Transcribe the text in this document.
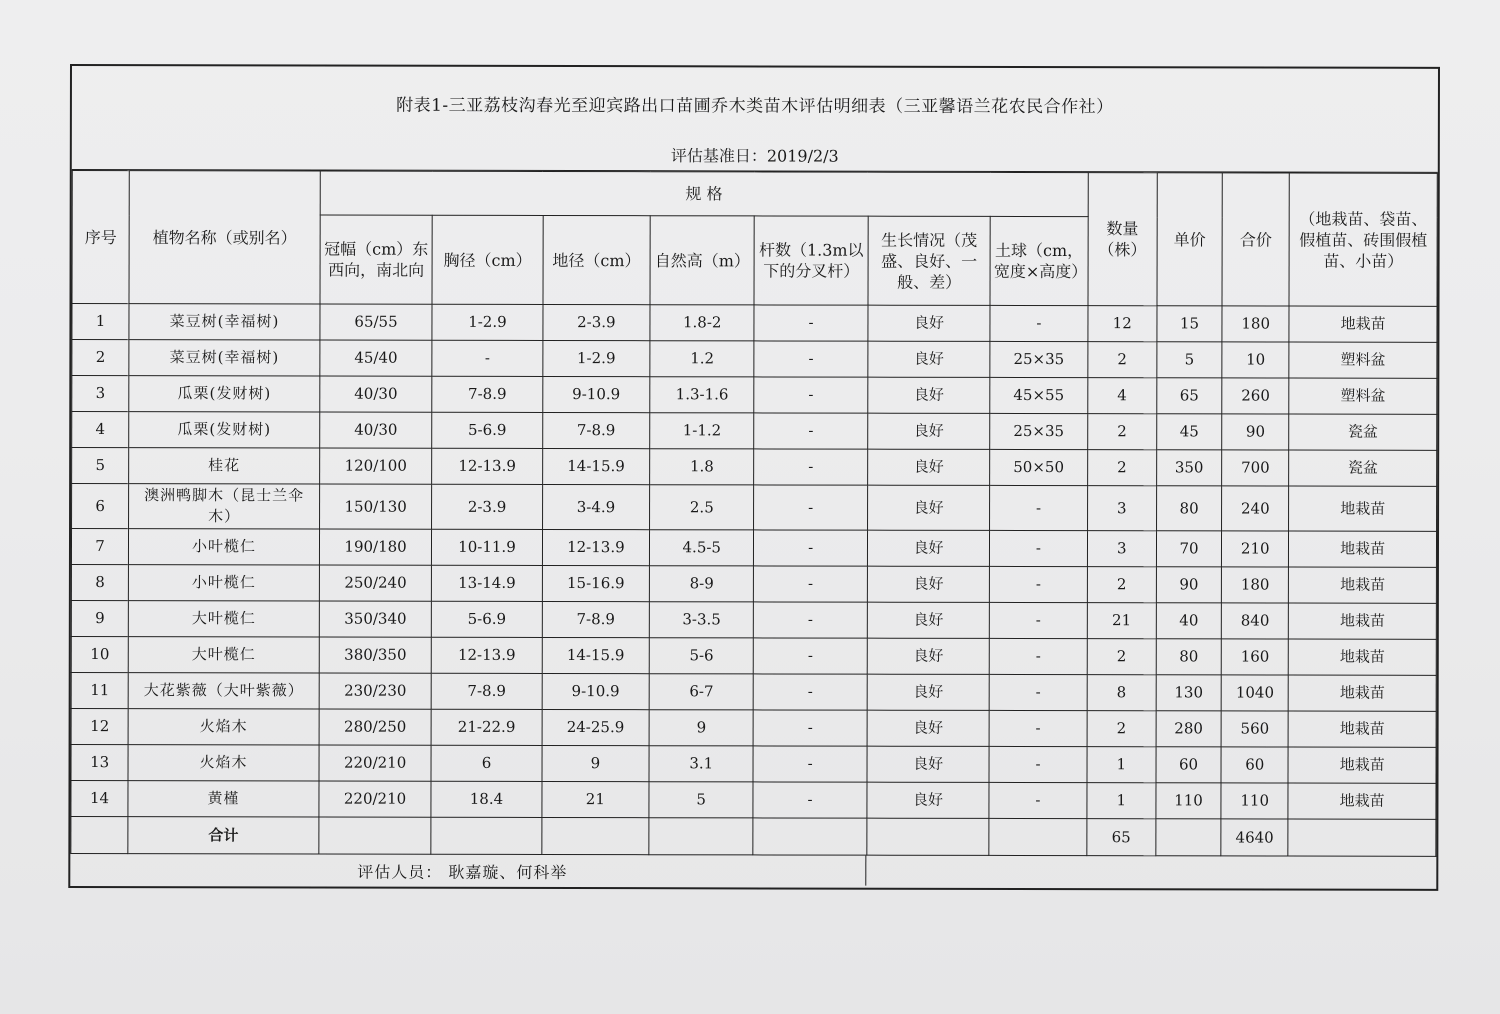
附表1-三亚荔枝沟春光至迎宾路出口苗圃乔木类苗木评估明细表（三亚馨语兰花农民合作社）
评估基准日：2019/2/3
序号	植物名称（或别名）	规 格							数量（株）	单价	合价	（地栽苗、袋苗、假植苗、砖围假植苗、小苗）
		冠幅（cm）东 西向，南北向	胸径（cm）	地径（cm）	自然高（m）	杆数（1.3m以下的分叉杆）	生长情况（茂盛、良好、一般、差）	土球（cm，宽度×高度）				
1	菜豆树(幸福树)	65/55	1-2.9	2-3.9	1.8-2	-	良好	-	12	15	180	地栽苗
2	菜豆树(幸福树)	45/40	-	1-2.9	1.2	-	良好	25×35	2	5	10	塑料盆
3	瓜栗(发财树)	40/30	7-8.9	9-10.9	1.3-1.6	-	良好	45×55	4	65	260	塑料盆
4	瓜栗(发财树)	40/30	5-6.9	7-8.9	1-1.2	-	良好	25×35	2	45	90	瓷盆
5	桂花	120/100	12-13.9	14-15.9	1.8	-	良好	50×50	2	350	700	瓷盆
6	澳洲鸭脚木（昆士兰伞木）	150/130	2-3.9	3-4.9	2.5	-	良好	-	3	80	240	地栽苗
7	小叶榄仁	190/180	10-11.9	12-13.9	4.5-5	-	良好	-	3	70	210	地栽苗
8	小叶榄仁	250/240	13-14.9	15-16.9	8-9	-	良好	-	2	90	180	地栽苗
9	大叶榄仁	350/340	5-6.9	7-8.9	3-3.5	-	良好	-	21	40	840	地栽苗
10	大叶榄仁	380/350	12-13.9	14-15.9	5-6	-	良好	-	2	80	160	地栽苗
11	大花紫薇（大叶紫薇）	230/230	7-8.9	9-10.9	6-7	-	良好	-	8	130	1040	地栽苗
12	火焰木	280/250	21-22.9	24-25.9	9	-	良好	-	2	280	560	地栽苗
13	火焰木	220/210	6	9	3.1	-	良好	-	1	60	60	地栽苗
14	黄槿	220/210	18.4	21	5	-	良好	-	1	110	110	地栽苗
	合计								65		4640	
评估人员： 耿嘉璇、何科举
